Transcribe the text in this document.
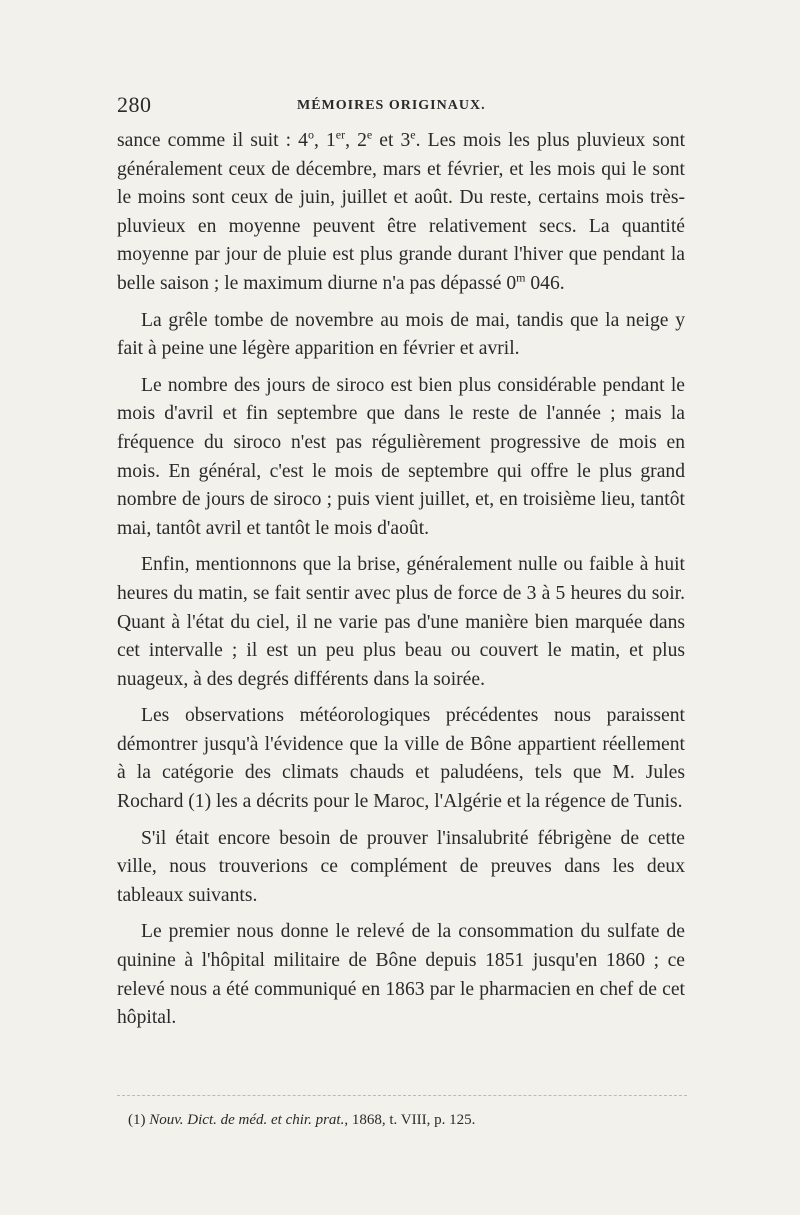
280	MÉMOIRES ORIGINAUX.

sance comme il suit : 4$^o$, 1er, 2e et 3e. Les mois les plus pluvieux sont généralement ceux de décembre, mars et février, et les mois qui le sont le moins sont ceux de juin, juillet et août. Du reste, certains mois très-pluvieux en moyenne peuvent être relativement secs. La quantité moyenne par jour de pluie est plus grande durant l'hiver que pendant la belle saison ; le maximum diurne n'a pas dépassé 0$^m$ 046.

La grêle tombe de novembre au mois de mai, tandis que la neige y fait à peine une légère apparition en février et avril.

Le nombre des jours de siroco est bien plus considérable pendant le mois d'avril et fin septembre que dans le reste de l'année ; mais la fréquence du siroco n'est pas régulièrement progressive de mois en mois. En général, c'est le mois de septembre qui offre le plus grand nombre de jours de siroco ; puis vient juillet, et, en troisième lieu, tantôt mai, tantôt avril et tantôt le mois d'août.

Enfin, mentionnons que la brise, généralement nulle ou faible à huit heures du matin, se fait sentir avec plus de force de 3 à 5 heures du soir. Quant à l'état du ciel, il ne varie pas d'une manière bien marquée dans cet intervalle ; il est un peu plus beau ou couvert le matin, et plus nuageux, à des degrés différents dans la soirée.

Les observations météorologiques précédentes nous paraissent démontrer jusqu'à l'évidence que la ville de Bône appartient réellement à la catégorie des climats chauds et paludéens, tels que M. Jules Rochard (1) les a décrits pour le Maroc, l'Algérie et la régence de Tunis.

S'il était encore besoin de prouver l'insalubrité fébrigène de cette ville, nous trouverions ce complément de preuves dans les deux tableaux suivants.

Le premier nous donne le relevé de la consommation du sulfate de quinine à l'hôpital militaire de Bône depuis 1851 jusqu'en 1860 ; ce relevé nous a été communiqué en 1863 par le pharmacien en chef de cet hôpital.

(1) Nouv. Dict. de méd. et chir. prat., 1868, t. VIII, p. 125.
